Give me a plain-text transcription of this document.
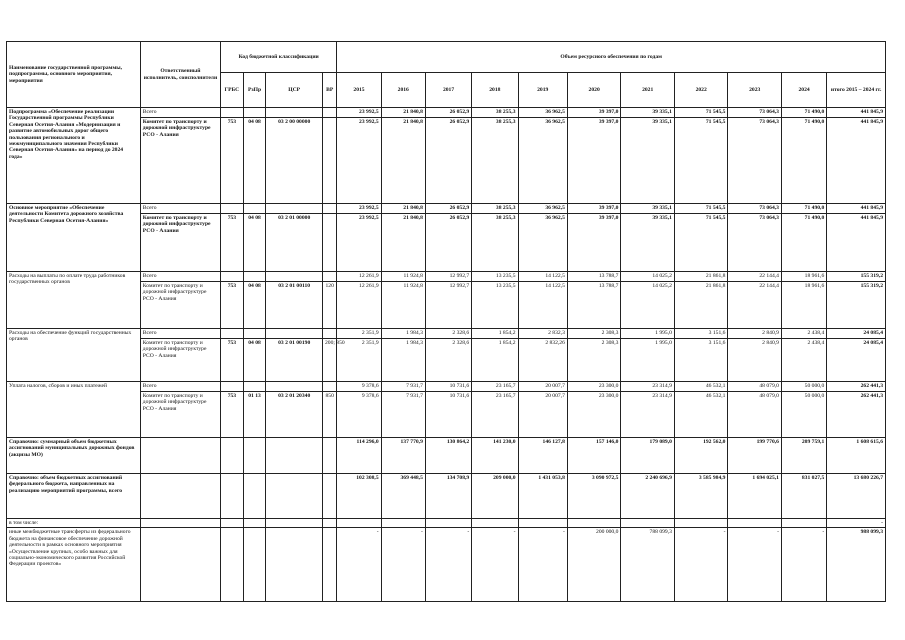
Наименование государственной программы, подпрограммы, основного мероприятия, мероприятия	Ответственный исполнитель, соисполнители	Код бюджетной классификации				Объем ресурсного обеспечения по годам										
		ГРБС	РзПр	ЦСР	ВР	2015	2016	2017	2018	2019	2020	2021	2022	2023	2024	итого 2015 – 2024 гг.
Подпрограмма «Обеспечение реализации Государственной программы Республики Северная Осетия-Алания «Модернизация и развитие автомобильных дорог общего пользования регионального и межмуниципального значения Республики Северная Осетия-Алания» на период до 2024 года»	Всего					23 992,5	21 840,8	26 052,9	38 255,3	36 962,5	39 397,0	39 335,1	71 545,5	73 064,3	71 490,0	441 845,9
	Комитет по транспорту и дорожной инфраструктуре РСО - Алания	753	04 08	03 2 00 00000		23 992,5	21 840,8	26 052,9	38 255,3	36 962,5	39 397,0	39 335,1	71 545,5	73 064,3	71 490,0	441 845,9
Основное мероприятие «Обеспечение деятельности Комитета дорожного хозяйства Республики Северная Осетия-Алания»	Всего					23 992,5	21 840,8	26 052,9	38 255,3	36 962,5	39 397,0	39 335,1	71 545,5	73 064,3	71 490,0	441 845,9
	Комитет по транспорту и дорожной инфраструктуре РСО - Алания	753	04 08	03 2 01 00000		23 992,5	21 840,8	26 052,9	38 255,3	36 962,5	39 397,0	39 335,1	71 545,5	73 064,3	71 490,0	441 845,9
Расходы на выплаты по оплате труда работников государственных органов	Всего					12 261,9	11 924,8	12 992,7	13 235,5	14 122,5	13 788,7	14 025,2	21 861,8	22 144,4	18 961,6	155 319,2
	Комитет по транспорту и дорожной инфраструктуре РСО - Алания	753	04 08	03 2 01 00110	120	12 261,9	11 924,8	12 992,7	13 235,5	14 122,5	13 788,7	14 025,2	21 861,8	22 144,4	18 961,6	155 319,2
Расходы на обеспечение функций государственных органов	Всего					2 351,9	1 984,3	2 328,6	1 854,2	2 832,3	2 308,3	1 995,0	3 151,6	2 840,9	2 438,4	24 085,4
	Комитет по транспорту и дорожной инфраструктуре РСО - Алания	753	04 08	03 2 01 00190	200; 850	2 351,9	1 984,3	2 328,6	1 854,2	2 832,26	2 308,3	1 995,0	3 151,6	2 840,9	2 438,4	24 085,4
Уплата налогов, сборов и иных платежей	Всего					9 378,6	7 931,7	10 731,6	23 165,7	20 007,7	23 300,0	23 314,9	46 532,1	48 079,0	50 000,0	262 441,3
	Комитет по транспорту и дорожной инфраструктуре РСО - Алания	753	01 13	03 2 01 20340	850	9 378,6	7 931,7	10 731,6	23 165,7	20 007,7	23 300,0	23 314,9	46 532,1	48 079,0	50 000,0	262 441,3
Справочно: суммарный объем бюджетных ассигнований муниципальных дорожных фондов (акцизы МО)						114 296,0	137 770,9	130 864,2	141 230,0	146 127,8	157 146,0	179 089,0	192 562,0	199 770,6	209 759,1	1 608 615,6
Справочно: объем бюджетных ассигнований федерального бюджета, направленных на реализацию мероприятий программы, всего						102 308,5	369 448,5	134 708,9	209 000,0	1 431 053,8	3 090 972,5	2 240 696,9	3 585 984,9	1 694 025,1	831 027,5	13 680 226,7
в том числе:																-
иные межбюджетные трансферты из федерального бюджета на финансовое обеспечение дорожной деятельности в рамках основного мероприятия «Осуществление крупных, особо важных для социально-экономического развития Российской Федерации проектов»						-	-	-	-	-	200 000,0	788 099,3	-	-	-	988 099,3
